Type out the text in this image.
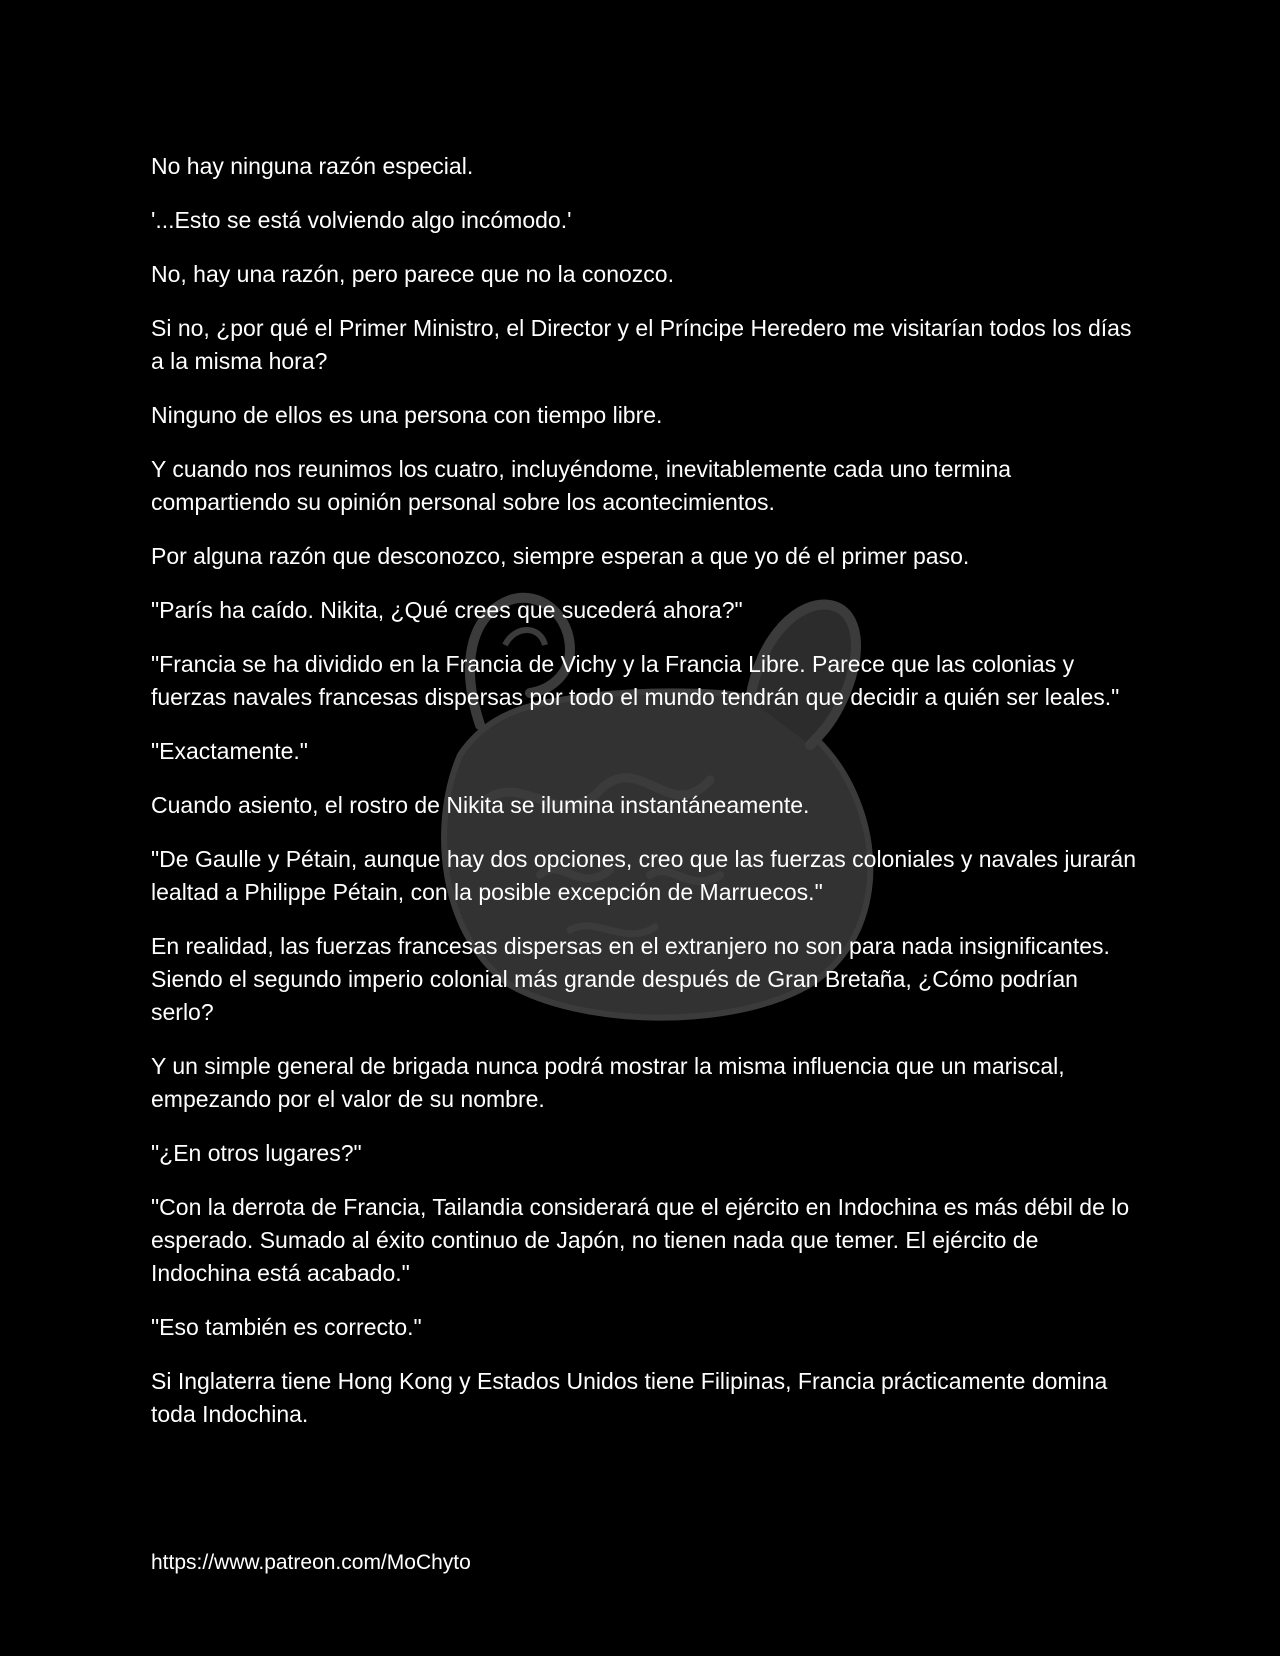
No hay ninguna razón especial.

'...Esto se está volviendo algo incómodo.'

No, hay una razón, pero parece que no la conozco.

Si no, ¿por qué el Primer Ministro, el Director y el Príncipe Heredero me visitarían todos los días a la misma hora?

Ninguno de ellos es una persona con tiempo libre.

Y cuando nos reunimos los cuatro, incluyéndome, inevitablemente cada uno termina compartiendo su opinión personal sobre los acontecimientos.

Por alguna razón que desconozco, siempre esperan a que yo dé el primer paso.

"París ha caído. Nikita, ¿Qué crees que sucederá ahora?"

"Francia se ha dividido en la Francia de Vichy y la Francia Libre. Parece que las colonias y fuerzas navales francesas dispersas por todo el mundo tendrán que decidir a quién ser leales."

"Exactamente."

Cuando asiento, el rostro de Nikita se ilumina instantáneamente.

"De Gaulle y Pétain, aunque hay dos opciones, creo que las fuerzas coloniales y navales jurarán lealtad a Philippe Pétain, con la posible excepción de Marruecos."

En realidad, las fuerzas francesas dispersas en el extranjero no son para nada insignificantes. Siendo el segundo imperio colonial más grande después de Gran Bretaña, ¿Cómo podrían serlo?

Y un simple general de brigada nunca podrá mostrar la misma influencia que un mariscal, empezando por el valor de su nombre.

"¿En otros lugares?"

"Con la derrota de Francia, Tailandia considerará que el ejército en Indochina es más débil de lo esperado. Sumado al éxito continuo de Japón, no tienen nada que temer. El ejército de Indochina está acabado."

"Eso también es correcto."

Si Inglaterra tiene Hong Kong y Estados Unidos tiene Filipinas, Francia prácticamente domina toda Indochina.

https://www.patreon.com/MoChyto
